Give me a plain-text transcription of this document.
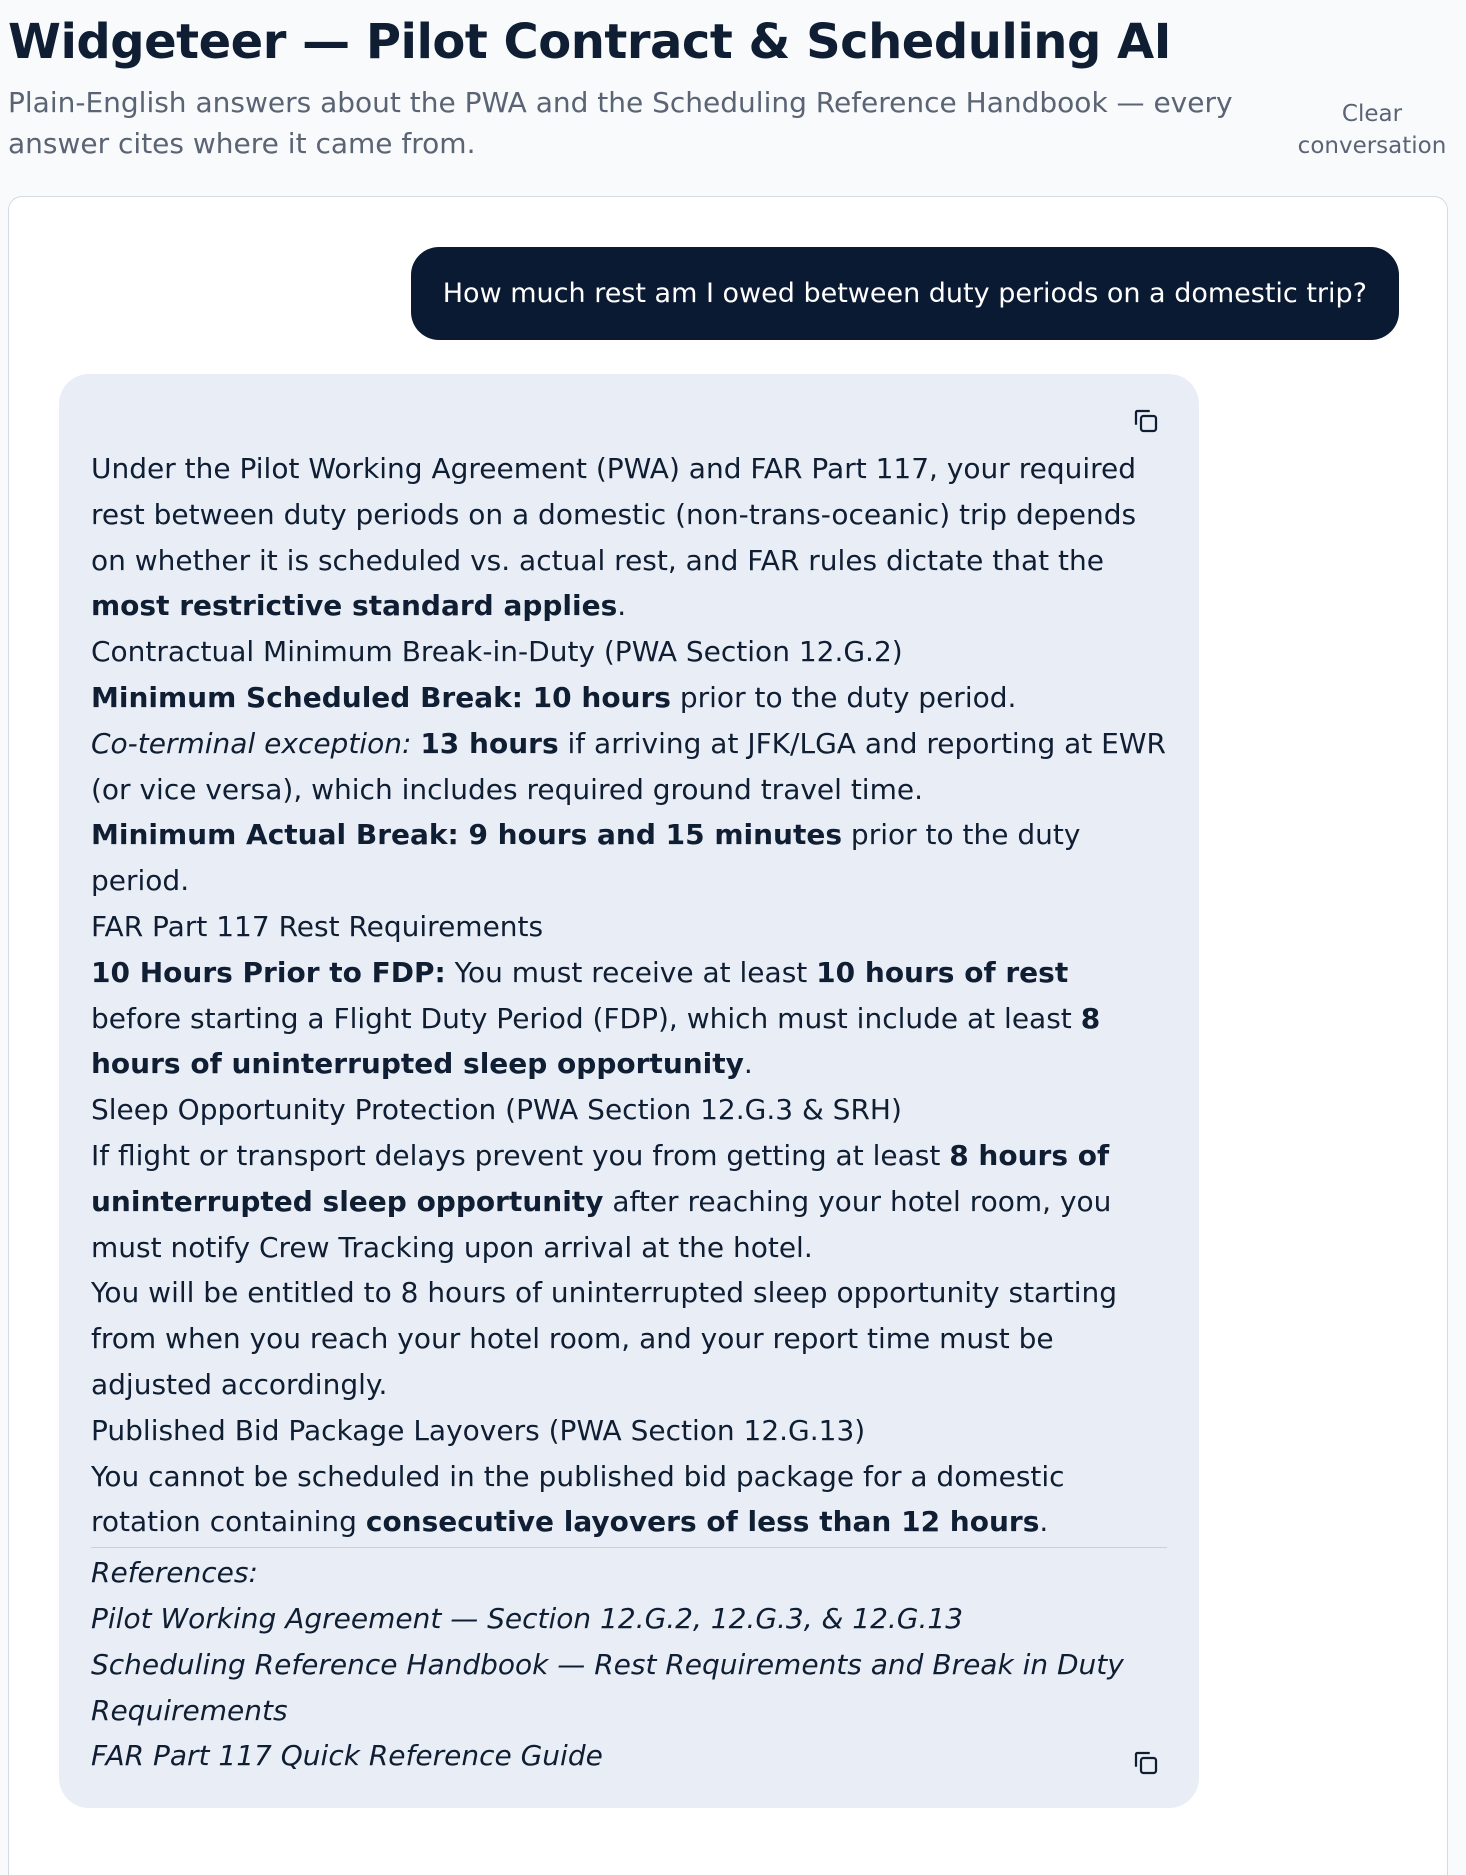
Widgeteer — Pilot Contract & Scheduling AI

Plain-English answers about the PWA and the Scheduling Reference Handbook — every answer cites where it came from.

Clear conversation
How much rest am I owed between duty periods on a domestic trip?

Under the Pilot Working Agreement (PWA) and FAR Part 117, your required rest between duty periods on a domestic (non-trans-oceanic) trip depends on whether it is scheduled vs. actual rest, and FAR rules dictate that the most restrictive standard applies.

Contractual Minimum Break-in-Duty (PWA Section 12.G.2)

Minimum Scheduled Break: 10 hours prior to the duty period.

Co-terminal exception: 13 hours if arriving at JFK/LGA and reporting at EWR (or vice versa), which includes required ground travel time.

Minimum Actual Break: 9 hours and 15 minutes prior to the duty period.

FAR Part 117 Rest Requirements

10 Hours Prior to FDP: You must receive at least 10 hours of rest before starting a Flight Duty Period (FDP), which must include at least 8 hours of uninterrupted sleep opportunity.

Sleep Opportunity Protection (PWA Section 12.G.3 & SRH)

If flight or transport delays prevent you from getting at least 8 hours of uninterrupted sleep opportunity after reaching your hotel room, you must notify Crew Tracking upon arrival at the hotel.

You will be entitled to 8 hours of uninterrupted sleep opportunity starting from when you reach your hotel room, and your report time must be adjusted accordingly.

Published Bid Package Layovers (PWA Section 12.G.13)

You cannot be scheduled in the published bid package for a domestic rotation containing consecutive layovers of less than 12 hours.

References:

Pilot Working Agreement — Section 12.G.2, 12.G.3, & 12.G.13

Scheduling Reference Handbook — Rest Requirements and Break in Duty Requirements

FAR Part 117 Quick Reference Guide
